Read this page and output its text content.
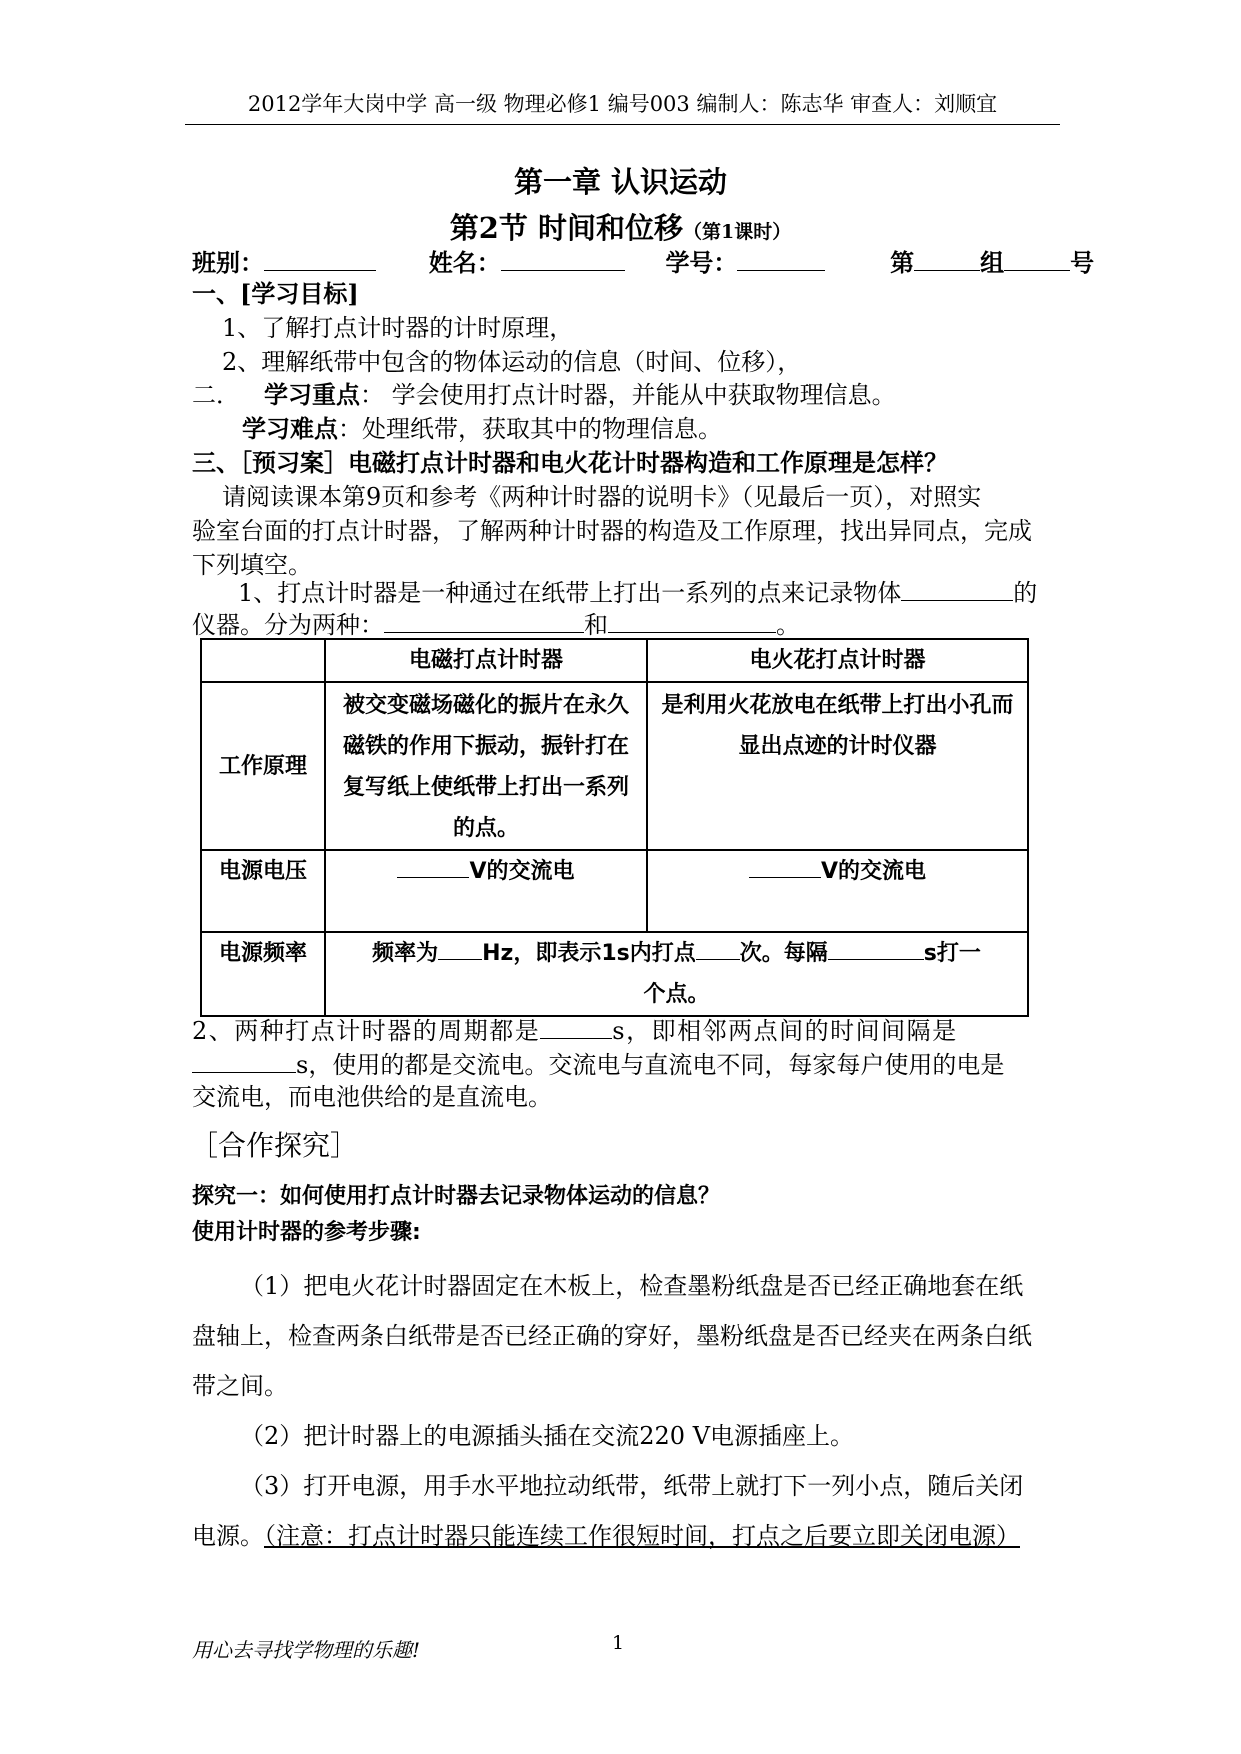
2012学年大岗中学 高一级 物理必修1 编号003 编制人：陈志华 审查人：刘顺宜
第一章 认识运动
第2节 时间和位移（第1课时）
班别：	姓名：	学号：	第	组	号
一、[学习目标]
1、了解打点计时器的计时原理，
2、理解纸带中包含的物体运动的信息（时间、位移），
二． 学习重点： 学会使用打点计时器，并能从中获取物理信息。
学习难点：处理纸带，获取其中的物理信息。
三、［预习案］电磁打点计时器和电火花计时器构造和工作原理是怎样？
请阅读课本第9页和参考《两种计时器的说明卡》（见最后一页），对照实
验室台面的打点计时器，了解两种计时器的构造及工作原理，找出异同点，完成
下列填空。
1、打点计时器是一种通过在纸带上打出一系列的点来记录物体	的
仪器。分为两种：	和	。
	电磁打点计时器	电火花打点计时器
工作原理	被交变磁场磁化的振片在永久磁铁的作用下振动，振针打在复写纸上使纸带上打出一系列的点。	是利用火花放电在纸带上打出小孔而显出点迹的计时仪器
电源电压	V的交流电	V的交流电
电源频率	频率为 Hz，即表示1s内打点 次。每隔 s打一
个点。	
2、两种打点计时器的周期都是	s，即相邻两点间的时间间隔是
s，使用的都是交流电。交流电与直流电不同，每家每户使用的电是
交流电，而电池供给的是直流电。
［合作探究］
探究一：如何使用打点计时器去记录物体运动的信息？
使用计时器的参考步骤:
（1）把电火花计时器固定在木板上，检查墨粉纸盘是否已经正确地套在纸
盘轴上，检查两条白纸带是否已经正确的穿好，墨粉纸盘是否已经夹在两条白纸
带之间。
（2）把计时器上的电源插头插在交流220 V电源插座上。
（3）打开电源，用手水平地拉动纸带，纸带上就打下一列小点，随后关闭
电源。（注意：打点计时器只能连续工作很短时间，打点之后要立即关闭电源）
用心去寻找学物理的乐趣!	1
